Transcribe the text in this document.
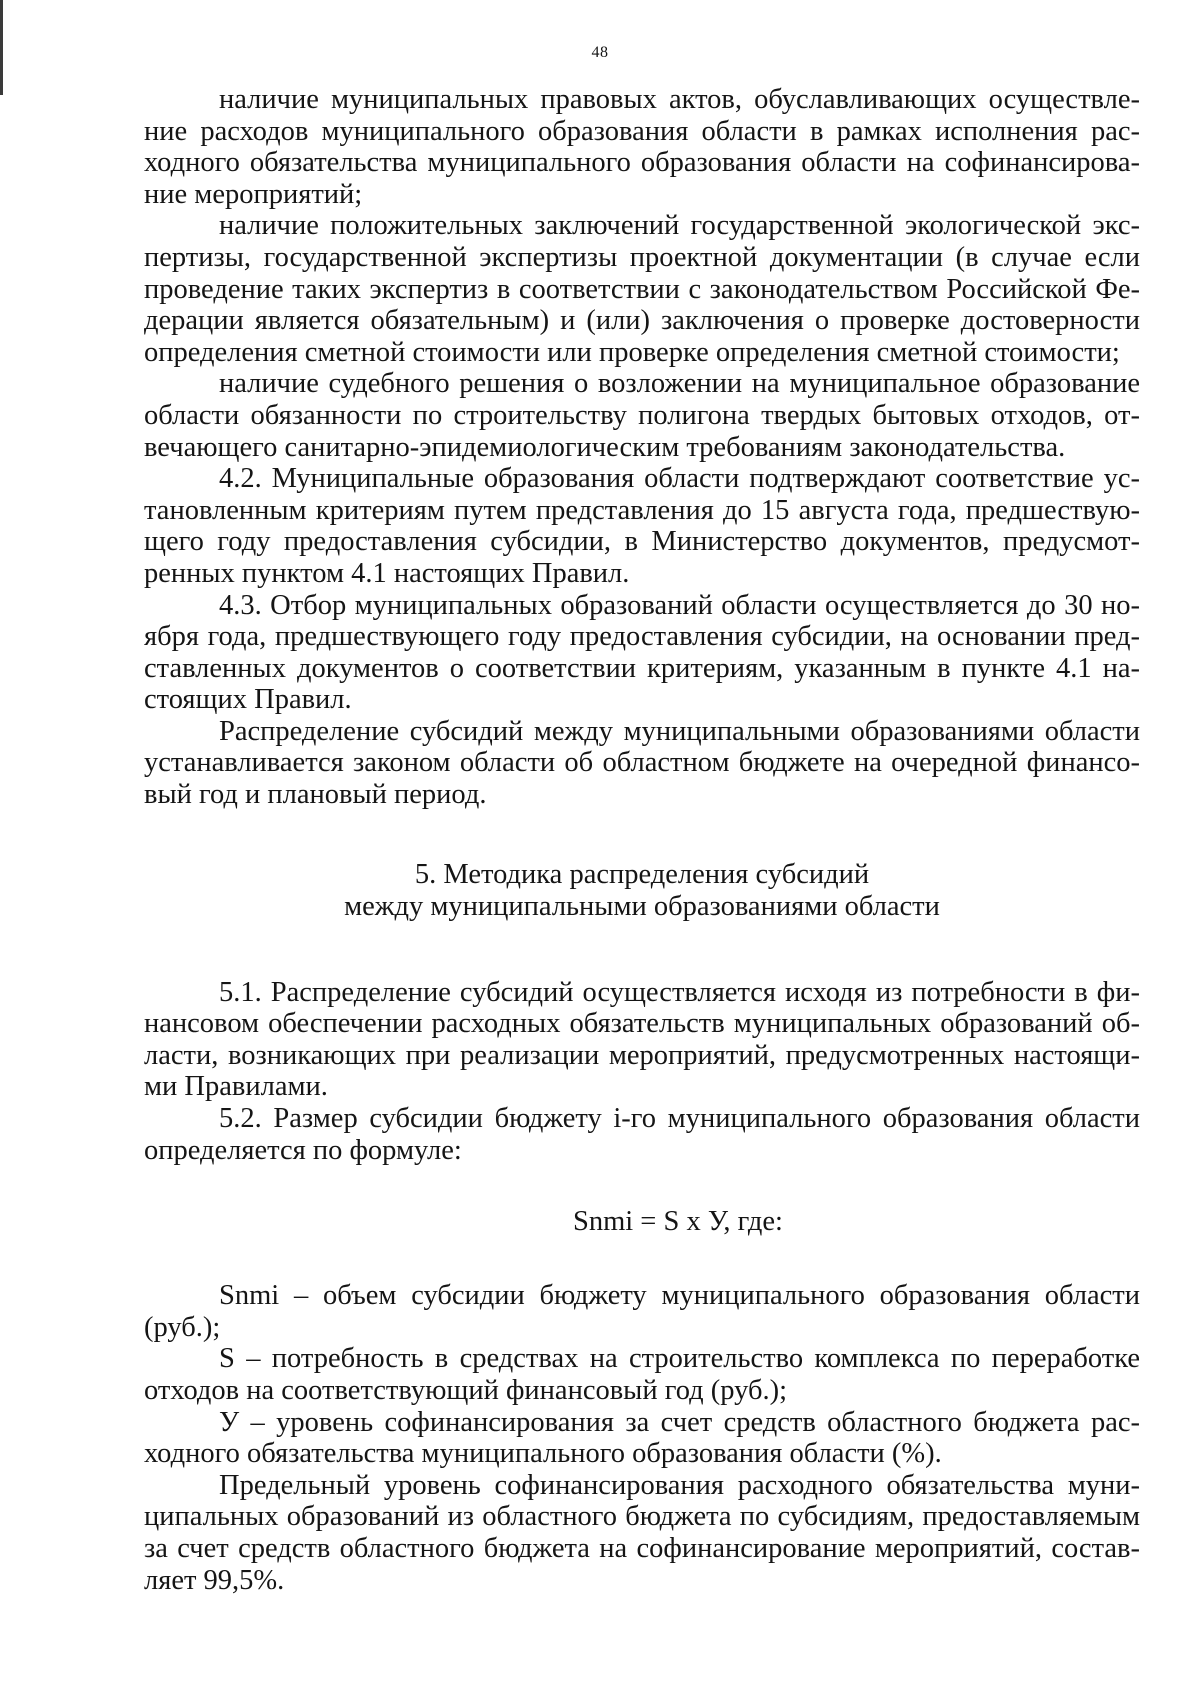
48

наличие муниципальных правовых актов, обуславливающих осуществление расходов муниципального образования области в рамках исполнения расходного обязательства муниципального образования области на софинансирование мероприятий;

наличие положительных заключений государственной экологической экспертизы, государственной экспертизы проектной документации (в случае если проведение таких экспертиз в соответствии с законодательством Российской Федерации является обязательным) и (или) заключения о проверке достоверности определения сметной стоимости или проверке определения сметной стоимости;

наличие судебного решения о возложении на муниципальное образование области обязанности по строительству полигона твердых бытовых отходов, отвечающего санитарно-эпидемиологическим требованиям законодательства.

4.2. Муниципальные образования области подтверждают соответствие установленным критериям путем представления до 15 августа года, предшествующего году предоставления субсидии, в Министерство документов, предусмотренных пунктом 4.1 настоящих Правил.

4.3. Отбор муниципальных образований области осуществляется до 30 ноября года, предшествующего году предоставления субсидии, на основании представленных документов о соответствии критериям, указанным в пункте 4.1 настоящих Правил.

Распределение субсидий между муниципальными образованиями области устанавливается законом области об областном бюджете на очередной финансовый год и плановый период.

5. Методика распределения субсидий
между муниципальными образованиями области

5.1. Распределение субсидий осуществляется исходя из потребности в финансовом обеспечении расходных обязательств муниципальных образований области, возникающих при реализации мероприятий, предусмотренных настоящими Правилами.

5.2. Размер субсидии бюджету i-го муниципального образования области определяется по формуле:

Snmi = S x У, где:

Snmi – объем субсидии бюджету муниципального образования области (руб.);

S – потребность в средствах на строительство комплекса по переработке отходов на соответствующий финансовый год (руб.);

У – уровень софинансирования за счет средств областного бюджета расходного обязательства муниципального образования области (%).

Предельный уровень софинансирования расходного обязательства муниципальных образований из областного бюджета по субсидиям, предоставляемым за счет средств областного бюджета на софинансирование мероприятий, составляет 99,5%.
